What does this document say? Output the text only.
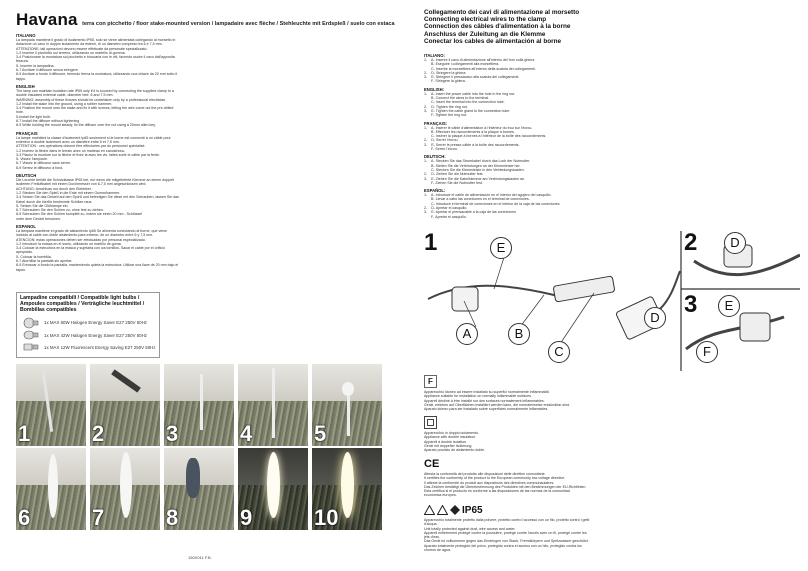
Havana terra con picchetto / floor stake-mounted version / lampadaire avec flèche / Stehleuchte mit Erdspieß / suelo con estaca
ITALIANO

La lampada mantiene il grado di isolamento IP65, solo se viene alimentata collegando al morsetto in

dotazione un cavo in doppio isolamento da esterni, di un diametro compreso tra 6 e 7,5 mm.

ATTENZIONE: tali operazioni devono essere effettuate da personale specializzato.

1-2 Inserire il picchetto sul terreno, utilizzando un martello di gomma.

3-4 Posizionare la montatura sul picchetto e bloccarla con le viti, facendo uscire il cavo dall'apposita

fessura.

5- Inserire la lampadina.

6-7 Avvitare il diffusore senza stringere.

8-9 Avvitare a fondo il diffusore, tenendo ferma la montatura, utilizzando una chiave da 20 mm sotto il

tappo.

ENGLISH

The lamp can maintain isolation rate IP65 only if it is sourced by connecting the supplied clamp to a

double insulated external cable, diameter betr. 6 and 7.5 mm.

WARNING: assembly of these fixtures should be undertaken only by a professional electrician.

1-2 Install the stake into the ground, using a rubber hammer.

3-4 Position the mount onto the stake and fix it with screws, letting the wire come out the pre-drilled

hole.

5-Install the light bulb.

6-7 Install the diffuser without tightening

8-9 While holding the mount steady, fix the diffuser over the nut using a 20mm allen key.

FRANÇAIS

La lampe maintient la classe d'isolement Ip65 seulement si le borne est connecté à un câble pour

extérieur à double isolement avec un diamètre entre 6 et 7,5 mm.

ATTENTION : ces opérations doivent être effectuées par du personnel spécialisé.

1-2 Insérez la flèche dans le terrain avec un marteau en caoutchouc.

3-4 Placez la monture sur la flèche et fixez la avec les vis, faites sortir le câble par la fente.

5- Vissez l'ampoule.

6-7 Vissez le diffuseur sans serrer.

8-9 Serrez le diffuseur à fond.

DEUTSCH

Die Leuchte behält die Schutzklasse IP65 bei, nur wenn die mitgelieferte Klemme an einem doppelt

isolierten Freiluftkabel mit einem Durchmesser von 6-7,5 mm angeschlossen wird.

ACHTUNG: Anschluss nur durch den Elektriker.

1-2 Stecken Sie den Spieß in die Erde mit einem Gummihammer.

3-4 Setzen Sie das Gestell auf den Spieß und befestigen Sie diese mit den Schrauben, lassen Sie das

Kabel durch die hierfür bestimmte Schlitze raus.

5- Setzen Sie die Glühlampe ein.

6-7 Schrauben Sie den Schirm zu, ohne fest zu ziehen.

8-9 Schrauben Sie den Schirm komplett zu, indem sie einen 20 mm - Schlüssel

unter dem Deckel benutzen.

ESPANOL

La lámpara mantiene el grado de aislamiento Ip65 Se alimenta conectando al borne, que viene

incluido al cable con doble aislamiento para exterior, de un diametro entre 6 y 7,5 mm.

ATENCION: estas operaciones deben ser efectuadas por personal especializado.

1-2 Introducir la estaca en el suelo, utilizando un martillo de goma.

3-4 Colocar la estructura en la estaca y sujetarla con los tornillos. Sacar el cable por el orificio

apropiado.

5- Colocar la bombilla.

6-7 Atornillar la pantalla sin apretar.

8-9 Enroscar a fondo la pantalla, manteniendo quieta la estructura. Utilizar una llave de 20 mm bajo el

tapón.

Lampadine compatibili / Compatible light bulbs / Ampoules compatibles / Verträgliche leuchtmittel / Bombillas compatibles
1x MAX 60W Halogen Energy Saver E27 250V 50Hz
1x MAX 42W Halogen Energy Saver E27 250V 50Hz
1x MAX 12W Fluorescent Energy Saving E27 250V 50Hz
1	2	3	4	5
6	7	8	9	10
150X011 F.B.
Collegamento dei cavi di alimentazione al morsetto
Connecting electrical wires to the clamp
Connection des câbles d'alimentation à la borne
Anschluss der Zuleitung an die Klemme
Conectar los cables de alimentación al borne
ITALIANO:

1-    A- Inserire il cavo di alimentazione all'interno del foro sulla ghiera

B- Eseguire i collegamenti alla morsettiera.

C- Inserire la morsettiera all'interno della scatola dei collegamenti.

2-    D- Stringere la ghiera.

3-    E- Stringere il pressacavo alla scatola dei collegamenti.

F- Stringere la ghiera.

ENGLISH:

1-    A- Insert the power cable into the hole in the ring nut.

B- Connect the wires to the terminal.

C- Insert the terminal into the connection tube.

2-    D- Tighten the ring nut.

3-    E- Tighten the cable gland to the connection tube.

F- Tighten the ring nut.

FRANÇAIS:

1-    A- Insérer le câble d'alimentation à l'intérieur du trou sur l'écrou.

B- Effectuer les raccordements à la plaque à bornes.

C- Insérer la plaque à bornes à l'intérieur de la boîte des raccordements.

2-    D- Serrer l'écrou.

3-    E- Serrer le presse-câble à la boîte des raccordements.

F- Serrer l'écrou.

DEUTSCH:

1-    A- Stecken Sie das Stromkabel durch das Loch der Nutmutter.

B- Stellen Sie die Verbindungen an der Klemmleiste her.

C- Stecken Sie die Klemmleiste in den Verbindungskasten.

2-    D- Ziehen Sie die Nutmutter fest.

3-    E- Ziehen Sie die Kabelklemme am Verbindungskasten an.

F- Ziehen Sie die Nutmutter fest.

ESPAÑOL:

1-    A- Introducir el cable de alimentación en el interior del agujero del casquillo.

B- Llevar a cabo las conexiones en el terminal de conexiones.

C- Introducir el terminal de conexiones en el interior de la caja de las conexiones.

2-    D- Apretar el casquillo.

3-    E- Apretar el prensacable a la caja de las conexiones

F- Apretar el casquillo.

1	2
3
A	B
C
D
E	D
E
F
F

Apparecchio idoneo ad essere installato su superfici normalmente infiammabili.

Appliance suitable for installation on normally inflammable surfaces.

Appareil destiné à être installé sur des surfaces normalement inflammables.

Gerät, welches auf Oberflächen installiert werden kann, die normalerweise entzündbar sind.

Aparato idóneo para ser instalado sobre superficies normalmente inflamables.

Apparecchio in doppio isolamento.

Appliance with double insulation.

Appareil à double isolation.

Gerät mit doppelter Isolierung.

Aparato provisto de aislamiento doble.

CE

Attesta la conformità del prodotto alle disposizioni delle direttive comunitarie.

It certifies the conformity of the product to the European community low voltage directive.

Il atteste la conformité du produit aux dispositions des directives communautaires.

Das Zeichen bestätigt die Übereinstimmung des Produktes mit den Bestimmungen der EU-Richtlinien.

Esta certifica si el producto es conforme a las disposiciones de las normas de la comunidad

económica europea.

IP65

Apparecchio totalmente protetto dalla polvere, protetto contro l'accesso con un filo, protetto contro i getti

d'acqua.

Unit totally protected against dust, wire access and water.

Appareil entièrement protégé contre la poussière, protégé contre l'accès avec un fil, protégé contre les

jets d'eau.

Das Gerät ist vollkommen gegen das Eindringen von Staub, Fremdkörpern und Spritzwasser geschützt.

Aparato totalmente protegido del polvo, protegido contra el acceso con un hilo, protegido contra los

chorros de agua.
